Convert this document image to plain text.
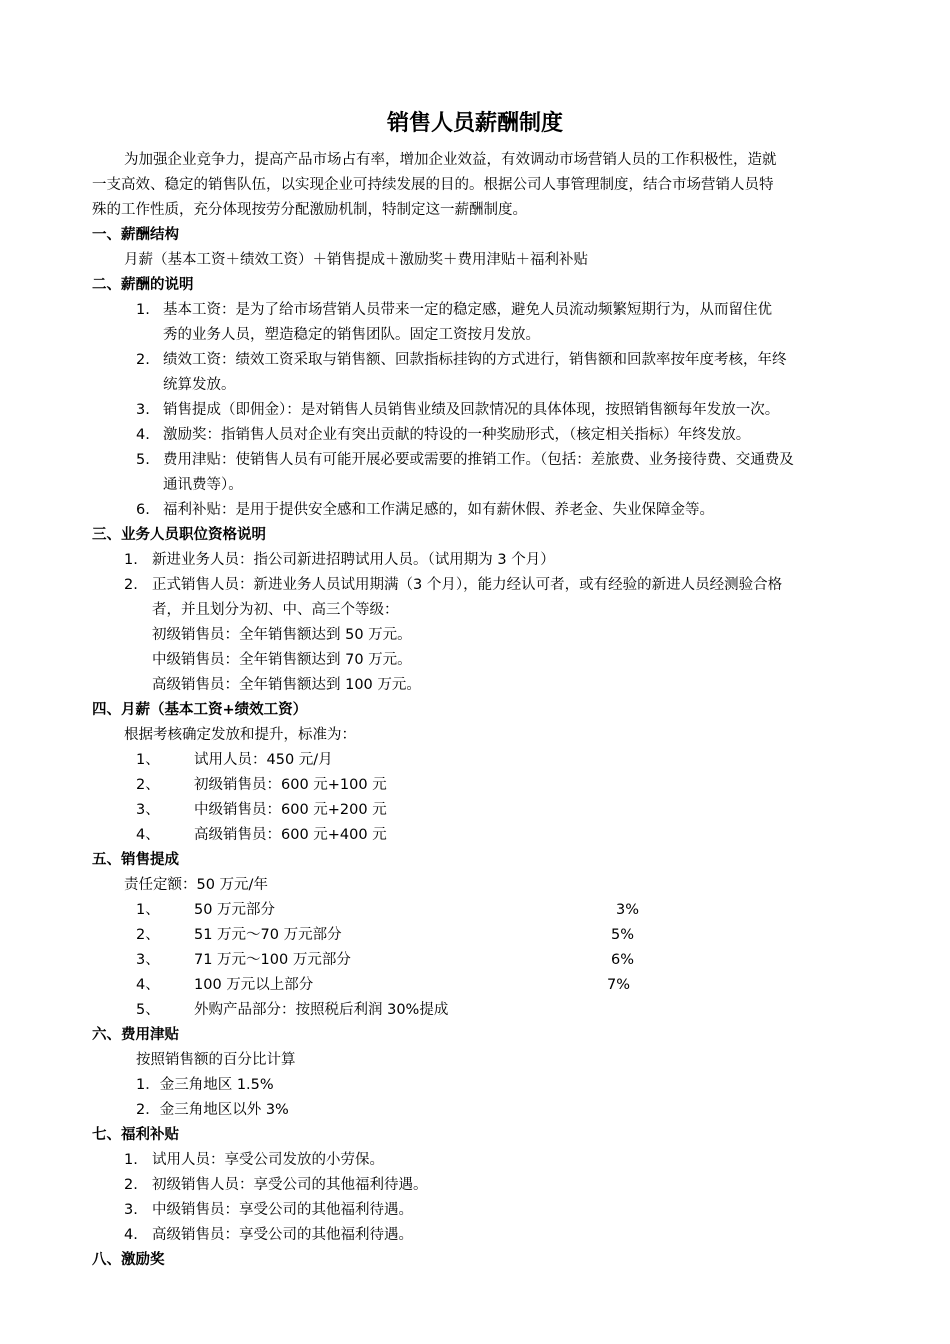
销售人员薪酬制度
为加强企业竞争力，提高产品市场占有率，增加企业效益，有效调动市场营销人员的工作积极性，造就
一支高效、稳定的销售队伍，以实现企业可持续发展的目的。根据公司人事管理制度，结合市场营销人员特
殊的工作性质，充分体现按劳分配激励机制，特制定这一薪酬制度。
一、薪酬结构
月薪（基本工资＋绩效工资）＋销售提成＋激励奖＋费用津贴＋福利补贴
二、薪酬的说明
1. 基本工资：是为了给市场营销人员带来一定的稳定感，避免人员流动频繁短期行为，从而留住优
秀的业务人员，塑造稳定的销售团队。固定工资按月发放。
2. 绩效工资：绩效工资采取与销售额、回款指标挂钩的方式进行，销售额和回款率按年度考核，年终
统算发放。
3. 销售提成（即佣金）：是对销售人员销售业绩及回款情况的具体体现，按照销售额每年发放一次。
4. 激励奖：指销售人员对企业有突出贡献的特设的一种奖励形式，（核定相关指标）年终发放。
5. 费用津贴：使销售人员有可能开展必要或需要的推销工作。（包括：差旅费、业务接待费、交通费及
通讯费等）。
6. 福利补贴：是用于提供安全感和工作满足感的，如有薪休假、养老金、失业保障金等。
三、业务人员职位资格说明
1. 新进业务人员：指公司新进招聘试用人员。（试用期为 3 个月）
2. 正式销售人员：新进业务人员试用期满（3 个月），能力经认可者，或有经验的新进人员经测验合格
者，并且划分为初、中、高三个等级：
初级销售员：全年销售额达到 50 万元。
中级销售员：全年销售额达到 70 万元。
高级销售员：全年销售额达到 100 万元。
四、月薪（基本工资+绩效工资）
根据考核确定发放和提升，标准为：
1、 试用人员：450 元/月
2、 初级销售员：600 元+100 元
3、 中级销售员：600 元+200 元
4、 高级销售员：600 元+400 元
五、销售提成
责任定额：50 万元/年
1、 50 万元部分	3%
2、 51 万元～70 万元部分	5%
3、 71 万元～100 万元部分	6%
4、 100 万元以上部分	7%
5、 外购产品部分：按照税后利润 30%提成
六、费用津贴
按照销售额的百分比计算
1．金三角地区 1.5%
2．金三角地区以外 3%
七、福利补贴
1. 试用人员：享受公司发放的小劳保。
2. 初级销售人员：享受公司的其他福利待遇。
3. 中级销售员：享受公司的其他福利待遇。
4. 高级销售员：享受公司的其他福利待遇。
八、激励奖
